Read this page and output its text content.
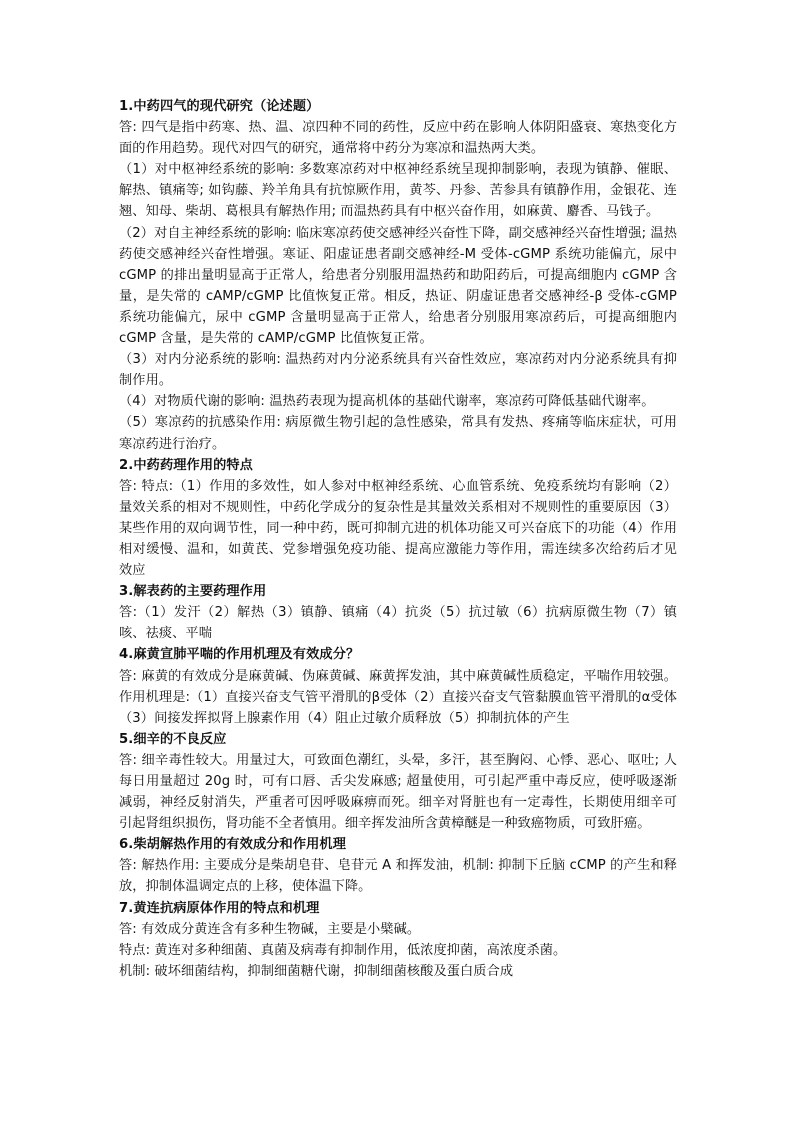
1.中药四气的现代研究（论述题）

答: 四气是指中药寒、热、温、凉四种不同的药性，反应中药在影响人体阴阳盛衰、寒热变化方面的作用趋势。现代对四气的研究，通常将中药分为寒凉和温热两大类。

（1）对中枢神经系统的影响: 多数寒凉药对中枢神经系统呈现抑制影响，表现为镇静、催眠、解热、镇痛等; 如钩藤、羚羊角具有抗惊厥作用，黄芩、丹参、苦参具有镇静作用，金银花、连翘、知母、柴胡、葛根具有解热作用; 而温热药具有中枢兴奋作用，如麻黄、麝香、马钱子。

（2）对自主神经系统的影响: 临床寒凉药使交感神经兴奋性下降，副交感神经兴奋性增强; 温热药使交感神经兴奋性增强。寒证、阳虚证患者副交感神经-M 受体-cGMP 系统功能偏亢，尿中 cGMP 的排出量明显高于正常人，给患者分别服用温热药和助阳药后，可提高细胞内 cGMP 含量，是失常的 cAMP/cGMP 比值恢复正常。相反，热证、阴虚证患者交感神经-β 受体-cGMP 系统功能偏亢，尿中 cGMP 含量明显高于正常人，给患者分别服用寒凉药后，可提高细胞内 cGMP 含量，是失常的 cAMP/cGMP 比值恢复正常。

（3）对内分泌系统的影响: 温热药对内分泌系统具有兴奋性效应，寒凉药对内分泌系统具有抑制作用。

（4）对物质代谢的影响: 温热药表现为提高机体的基础代谢率，寒凉药可降低基础代谢率。

（5）寒凉药的抗感染作用: 病原微生物引起的急性感染，常具有发热、疼痛等临床症状，可用寒凉药进行治疗。

2.中药药理作用的特点

答: 特点:（1）作用的多效性，如人参对中枢神经系统、心血管系统、免疫系统均有影响（2）量效关系的相对不规则性，中药化学成分的复杂性是其量效关系相对不规则性的重要原因（3）某些作用的双向调节性，同一种中药，既可抑制亢进的机体功能又可兴奋底下的功能（4）作用相对缓慢、温和，如黄芪、党参增强免疫功能、提高应激能力等作用，需连续多次给药后才见效应

3.解表药的主要药理作用

答:（1）发汗（2）解热（3）镇静、镇痛（4）抗炎（5）抗过敏（6）抗病原微生物（7）镇咳、祛痰、平喘

4.麻黄宣肺平喘的作用机理及有效成分？

答: 麻黄的有效成分是麻黄碱、伪麻黄碱、麻黄挥发油，其中麻黄碱性质稳定，平喘作用较强。作用机理是:（1）直接兴奋支气管平滑肌的β受体（2）直接兴奋支气管黏膜血管平滑肌的α受体（3）间接发挥拟肾上腺素作用（4）阻止过敏介质释放（5）抑制抗体的产生

5.细辛的不良反应

答: 细辛毒性较大。用量过大，可致面色潮红，头晕，多汗，甚至胸闷、心悸、恶心、呕吐; 人每日用量超过 20g 时，可有口唇、舌尖发麻感; 超量使用，可引起严重中毒反应，使呼吸逐渐减弱，神经反射消失，严重者可因呼吸麻痹而死。细辛对肾脏也有一定毒性，长期使用细辛可引起肾组织损伤，肾功能不全者慎用。细辛挥发油所含黄樟醚是一种致癌物质，可致肝癌。

6.柴胡解热作用的有效成分和作用机理

答: 解热作用: 主要成分是柴胡皂苷、皂苷元 A 和挥发油，机制: 抑制下丘脑 cCMP 的产生和释放，抑制体温调定点的上移，使体温下降。

7.黄连抗病原体作用的特点和机理

答: 有效成分黄连含有多种生物碱，主要是小檗碱。

特点: 黄连对多种细菌、真菌及病毒有抑制作用，低浓度抑菌，高浓度杀菌。

机制: 破坏细菌结构，抑制细菌糖代谢，抑制细菌核酸及蛋白质合成
